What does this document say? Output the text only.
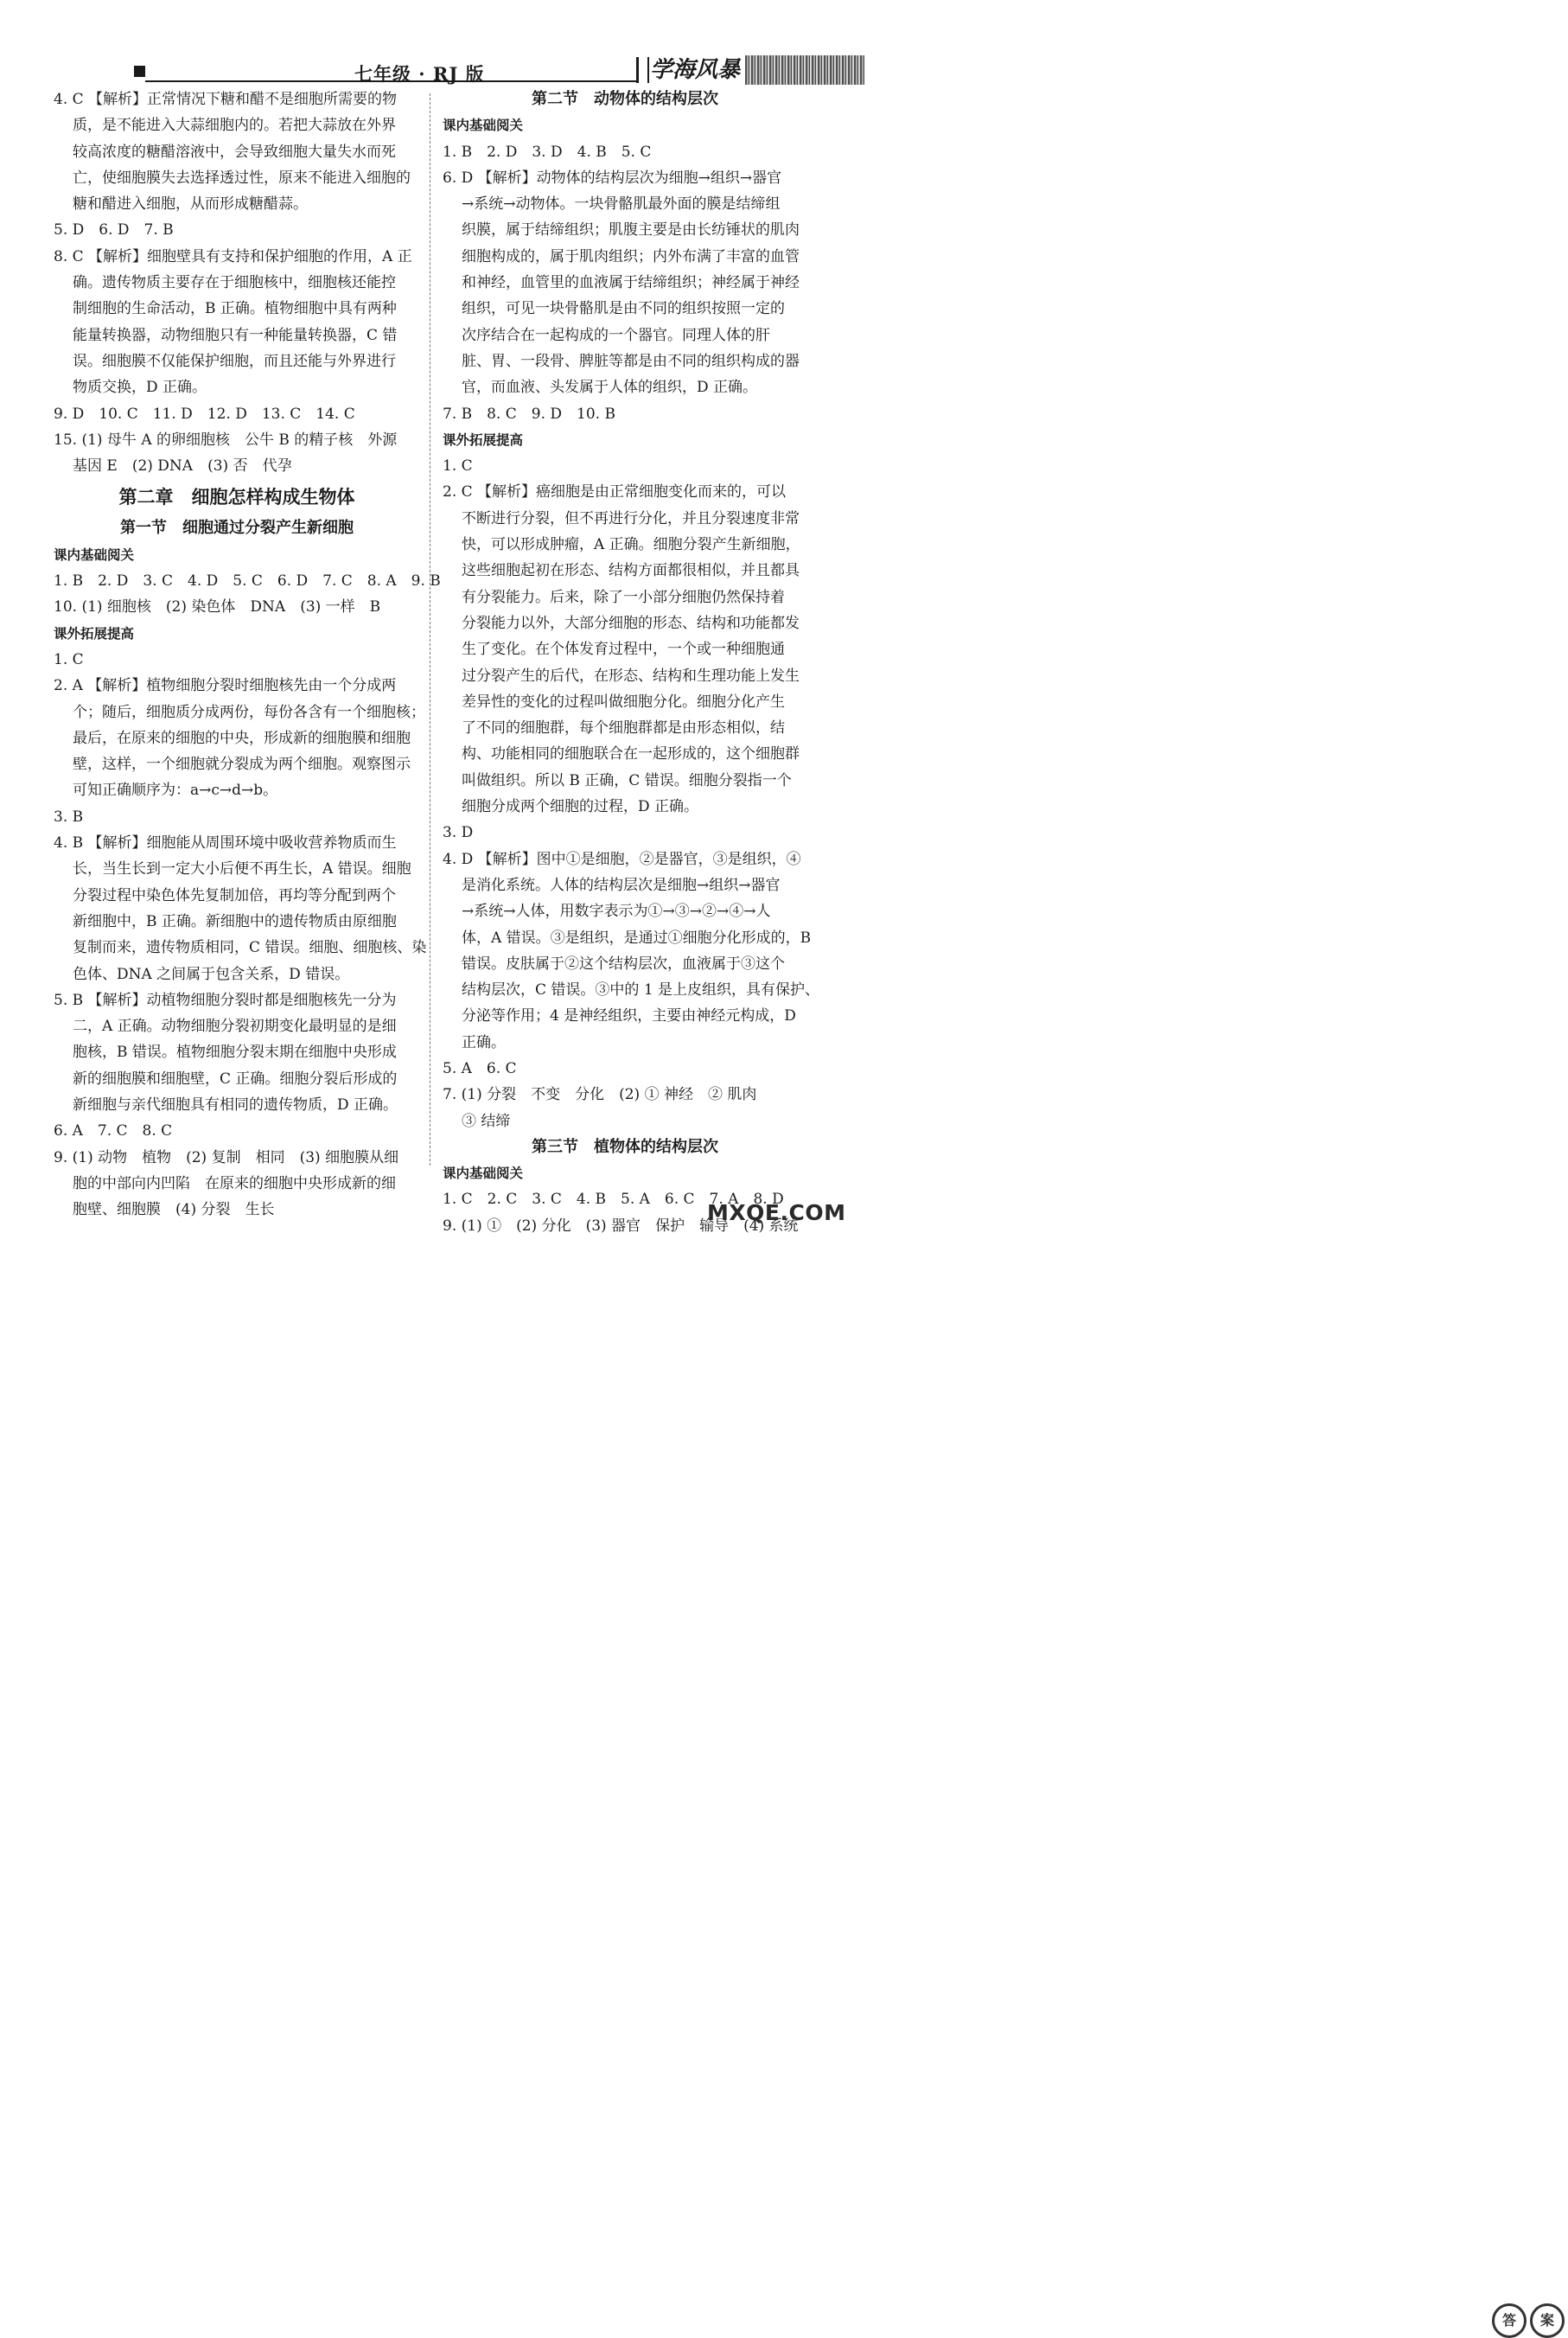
七年级 · RJ 版	学海风暴
4. C 【解析】正常情况下糖和醋不是细胞所需要的物
质，是不能进入大蒜细胞内的。若把大蒜放在外界
较高浓度的糖醋溶液中，会导致细胞大量失水而死
亡，使细胞膜失去选择透过性，原来不能进入细胞的
糖和醋进入细胞，从而形成糖醋蒜。
5. D　6. D　7. B
8. C 【解析】细胞壁具有支持和保护细胞的作用，A 正
确。遗传物质主要存在于细胞核中，细胞核还能控
制细胞的生命活动，B 正确。植物细胞中具有两种
能量转换器，动物细胞只有一种能量转换器，C 错
误。细胞膜不仅能保护细胞，而且还能与外界进行
物质交换，D 正确。
9. D　10. C　11. D　12. D　13. C　14. C
15. (1) 母牛 A 的卵细胞核　公牛 B 的精子核　外源
基因 E　(2) DNA　(3) 否　代孕
第二章　细胞怎样构成生物体
第一节　细胞通过分裂产生新细胞
课内基础阅关
1. B　2. D　3. C　4. D　5. C　6. D　7. C　8. A　9. B
10. (1) 细胞核　(2) 染色体　DNA　(3) 一样　B
课外拓展提高
1. C
2. A 【解析】植物细胞分裂时细胞核先由一个分成两
个；随后，细胞质分成两份，每份各含有一个细胞核；
最后，在原来的细胞的中央，形成新的细胞膜和细胞
壁，这样，一个细胞就分裂成为两个细胞。观察图示
可知正确顺序为：a→c→d→b。
3. B
4. B 【解析】细胞能从周围环境中吸收营养物质而生
长，当生长到一定大小后便不再生长，A 错误。细胞
分裂过程中染色体先复制加倍，再均等分配到两个
新细胞中，B 正确。新细胞中的遗传物质由原细胞
复制而来，遗传物质相同，C 错误。细胞、细胞核、染
色体、DNA 之间属于包含关系，D 错误。
5. B 【解析】动植物细胞分裂时都是细胞核先一分为
二，A 正确。动物细胞分裂初期变化最明显的是细
胞核，B 错误。植物细胞分裂末期在细胞中央形成
新的细胞膜和细胞壁，C 正确。细胞分裂后形成的
新细胞与亲代细胞具有相同的遗传物质，D 正确。
6. A　7. C　8. C
9. (1) 动物　植物　(2) 复制　相同　(3) 细胞膜从细
胞的中部向内凹陷　在原来的细胞中央形成新的细
胞壁、细胞膜　(4) 分裂　生长
第二节　动物体的结构层次
课内基础阅关
1. B　2. D　3. D　4. B　5. C
6. D 【解析】动物体的结构层次为细胞→组织→器官
→系统→动物体。一块骨骼肌最外面的膜是结缔组
织膜，属于结缔组织；肌腹主要是由长纺锤状的肌肉
细胞构成的，属于肌肉组织；内外布满了丰富的血管
和神经，血管里的血液属于结缔组织；神经属于神经
组织，可见一块骨骼肌是由不同的组织按照一定的
次序结合在一起构成的一个器官。同理人体的肝
脏、胃、一段骨、脾脏等都是由不同的组织构成的器
官，而血液、头发属于人体的组织，D 正确。
7. B　8. C　9. D　10. B
课外拓展提高
1. C
2. C 【解析】癌细胞是由正常细胞变化而来的，可以
不断进行分裂，但不再进行分化，并且分裂速度非常
快，可以形成肿瘤，A 正确。细胞分裂产生新细胞，
这些细胞起初在形态、结构方面都很相似，并且都具
有分裂能力。后来，除了一小部分细胞仍然保持着
分裂能力以外，大部分细胞的形态、结构和功能都发
生了变化。在个体发育过程中，一个或一种细胞通
过分裂产生的后代，在形态、结构和生理功能上发生
差异性的变化的过程叫做细胞分化。细胞分化产生
了不同的细胞群，每个细胞群都是由形态相似，结
构、功能相同的细胞联合在一起形成的，这个细胞群
叫做组织。所以 B 正确，C 错误。细胞分裂指一个
细胞分成两个细胞的过程，D 正确。
3. D
4. D 【解析】图中①是细胞，②是器官，③是组织，④
是消化系统。人体的结构层次是细胞→组织→器官
→系统→人体，用数字表示为①→③→②→④→人
体，A 错误。③是组织，是通过①细胞分化形成的，B
错误。皮肤属于②这个结构层次，血液属于③这个
结构层次，C 错误。③中的 1 是上皮组织，具有保护、
分泌等作用；4 是神经组织，主要由神经元构成，D
正确。
5. A　6. C
7. (1) 分裂　不变　分化　(2) ① 神经　② 肌肉
③ 结缔
第三节　植物体的结构层次
课内基础阅关
1. C　2. C　3. C　4. B　5. A　6. C　7. A　8. D
9. (1) ①　(2) 分化　(3) 器官　保护　输导　(4) 系统
答 案
MXQE.COM
